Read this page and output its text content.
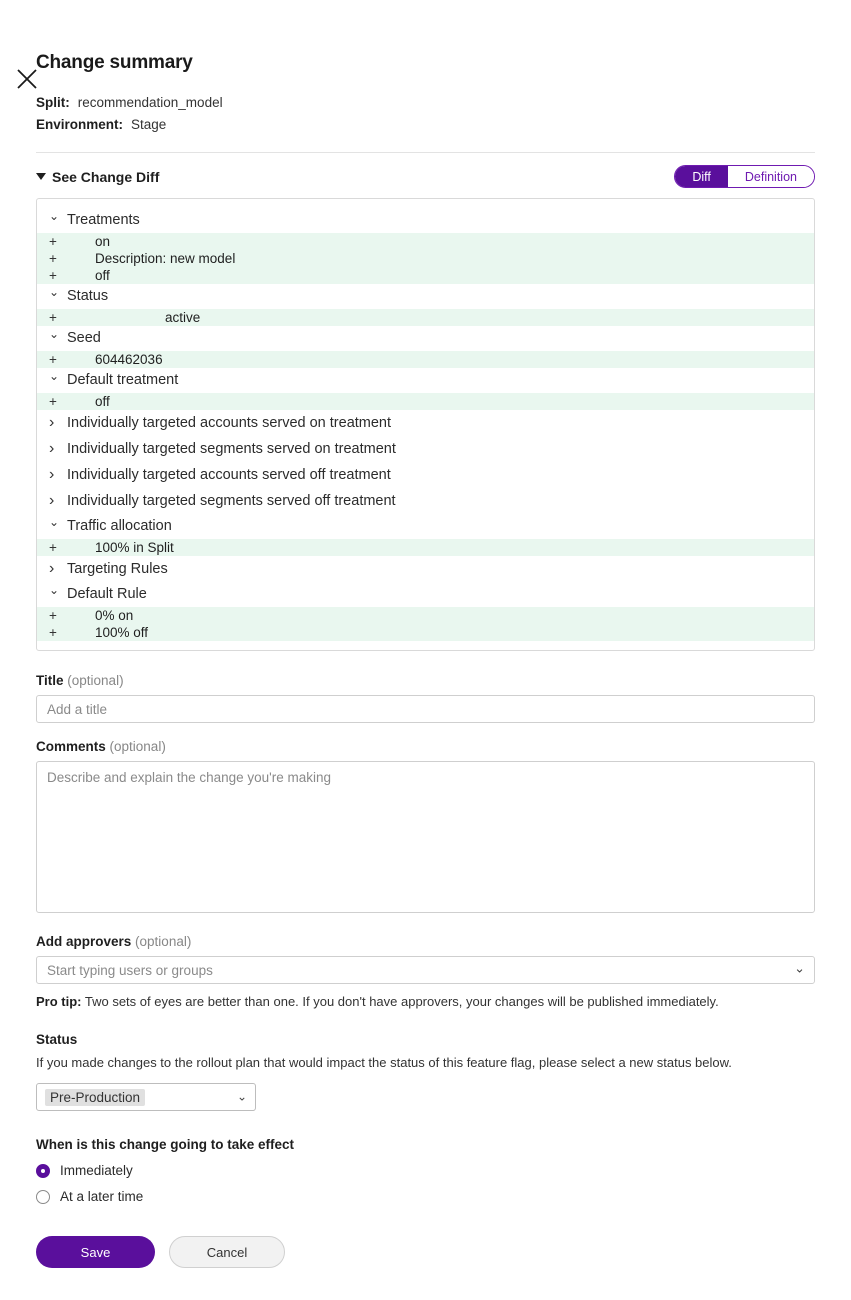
Change summary
Split: recommendation_model
Environment: Stage
See Change Diff	Diff	Definition
⌄
Treatments
+	on
+	Description: new model
+	off
⌄
Status
+	active
⌄
Seed
+	604462036
⌄
Default treatment
+	off
›
Individually targeted accounts served on treatment
›
Individually targeted segments served on treatment
›
Individually targeted accounts served off treatment
›
Individually targeted segments served off treatment
⌄
Traffic allocation
+	100% in Split
›
Targeting Rules
⌄
Default Rule
+	0% on
+	100% off
Title (optional)
Add a title
Comments (optional)
Describe and explain the change you're making
Add approvers (optional)
Start typing users or groups
⌄
Pro tip: Two sets of eyes are better than one. If you don't have approvers, your changes will be published immediately.
Status
If you made changes to the rollout plan that would impact the status of this feature flag, please select a new status below.
Pre-Production	⌄
When is this change going to take effect
Immediately
At a later time
Save	Cancel
